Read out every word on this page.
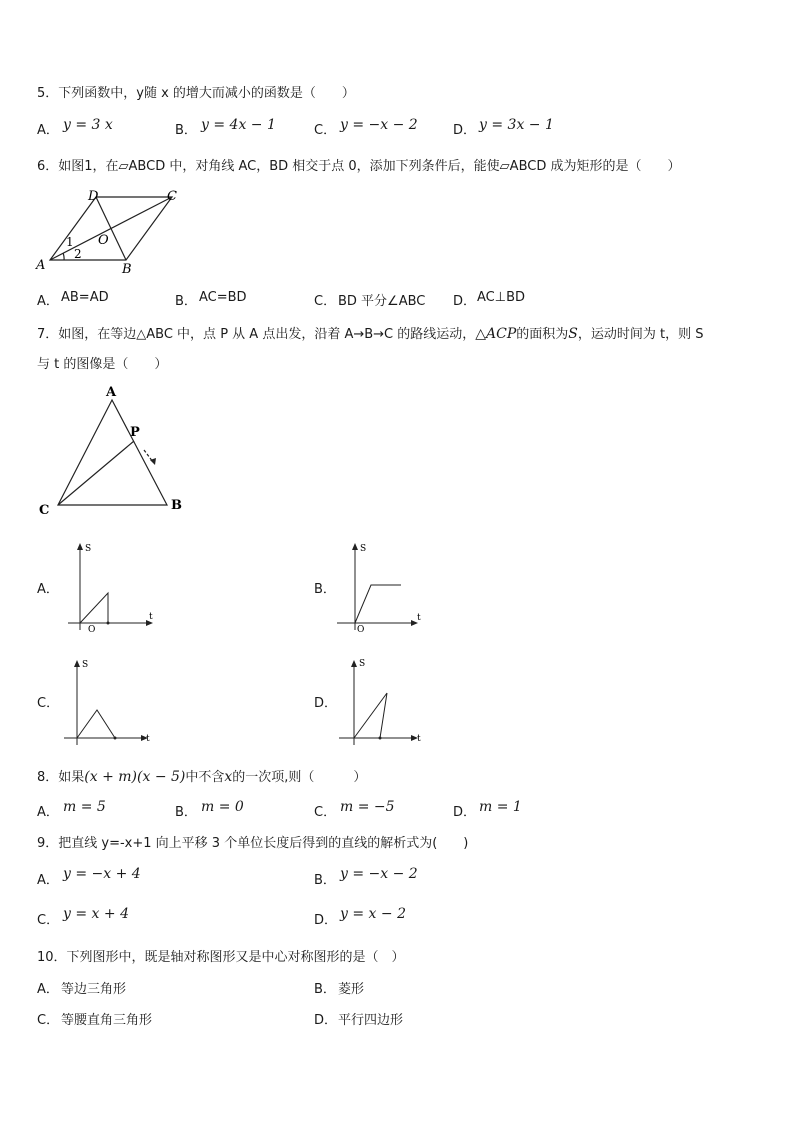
5．下列函数中，y随 x 的增大而减小的函数是（　　）
A． y = 3 x	B． y = 4x − 1	C． y = −x − 2	D． y = 3x − 1
6．如图1，在▱ABCD 中，对角线 AC，BD 相交于点 0，添加下列条件后，能使▱ABCD 成为矩形的是（　　）
A	B
C
D
O
1
2
A． AB=AD	B． AC=BD	C． BD 平分∠ABC D． AC⊥BD
7．如图，在等边△ABC 中，点 P 从 A 点出发，沿着 A→B→C 的路线运动，△ACP的面积为S，运动时间为 t，则 S
与 t 的图像是（　　）
A
B
C
P
A．
S
t
O
B．
S
t
O
C．
S
t
D．
S
t
8．如果(x + m)(x − 5)中不含x的一次项,则（　　　）
A． m = 5	B． m = 0	C． m = −5	D． m = 1
9．把直线 y=-x+1 向上平移 3 个单位长度后得到的直线的解析式为(　　)
A． y = −x + 4	B． y = −x − 2
C． y = x + 4	D． y = x − 2
10．下列图形中，既是轴对称图形又是中心对称图形的是（　）
A． 等边三角形	B． 菱形
C． 等腰直角三角形	D． 平行四边形
